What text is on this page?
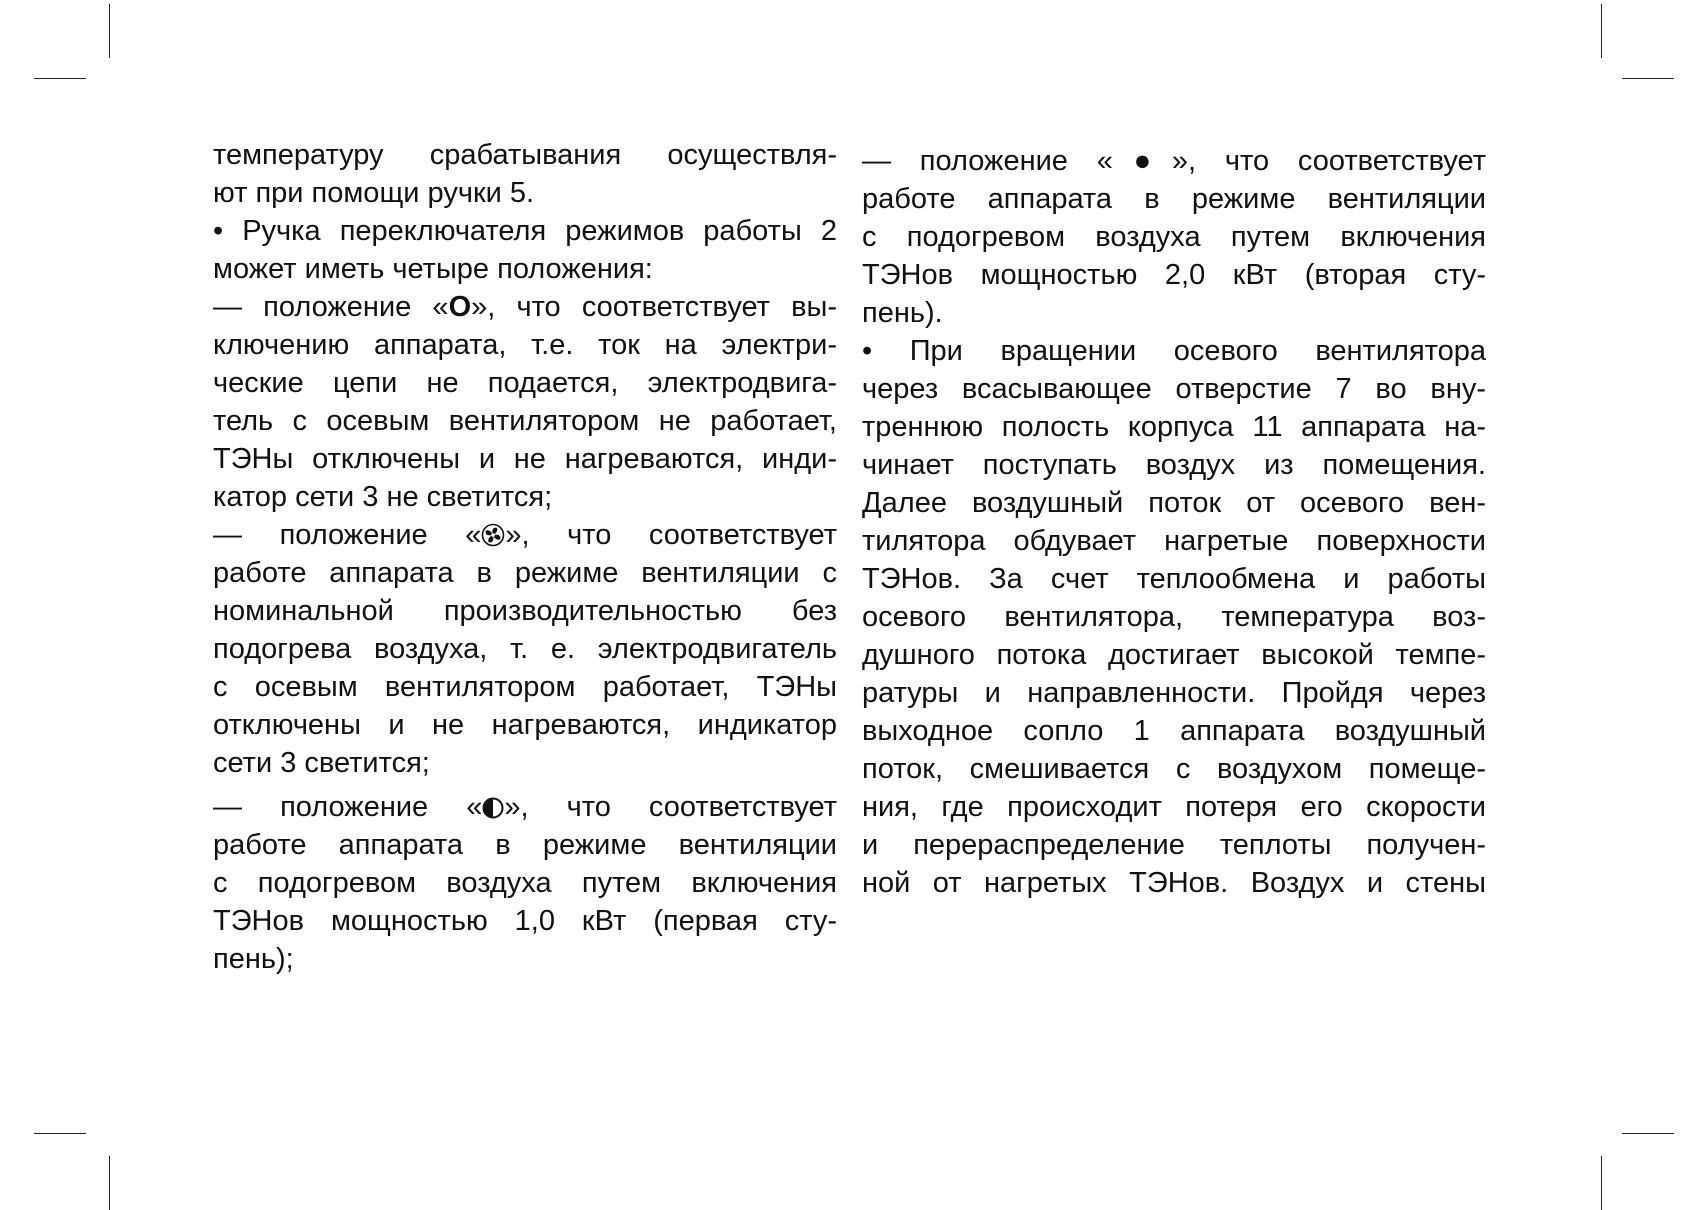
температуру срабатывания осуществля-
ют при помощи ручки 5.
• Ручка переключателя режимов работы 2
может иметь четыре положения:
— положение «O», что соответствует вы-
ключению аппарата, т.е. ток на электри-
ческие цепи не подается, электродвига-
тель с осевым вентилятором не работает,
ТЭНы отключены и не нагреваются, инди-
катор сети 3 не светится;
— положение « », что соответствует
работе аппарата в режиме вентиляции с
номинальной производительностью без
подогрева воздуха, т. е. электродвигатель
с осевым вентилятором работает, ТЭНы
отключены и не нагреваются, индикатор
сети 3 светится;
— положение « », что соответствует
работе аппарата в режиме вентиляции
с подогревом воздуха путем включения
ТЭНов мощностью 1,0 кВт (первая сту-
пень);
— положение «●», что соответствует
работе аппарата в режиме вентиляции
с подогревом воздуха путем включения
ТЭНов мощностью 2,0 кВт (вторая сту-
пень).
• При вращении осевого вентилятора
через всасывающее отверстие 7 во вну-
треннюю полость корпуса 11 аппарата на-
чинает поступать воздух из помещения.
Далее воздушный поток от осевого вен-
тилятора обдувает нагретые поверхности
ТЭНов. За счет теплообмена и работы
осевого вентилятора, температура воз-
душного потока достигает высокой темпе-
ратуры и направленности. Пройдя через
выходное сопло 1 аппарата воздушный
поток, смешивается с воздухом помеще-
ния, где происходит потеря его скорости
и перераспределение теплоты получен-
ной от нагретых ТЭНов. Воздух и стены
